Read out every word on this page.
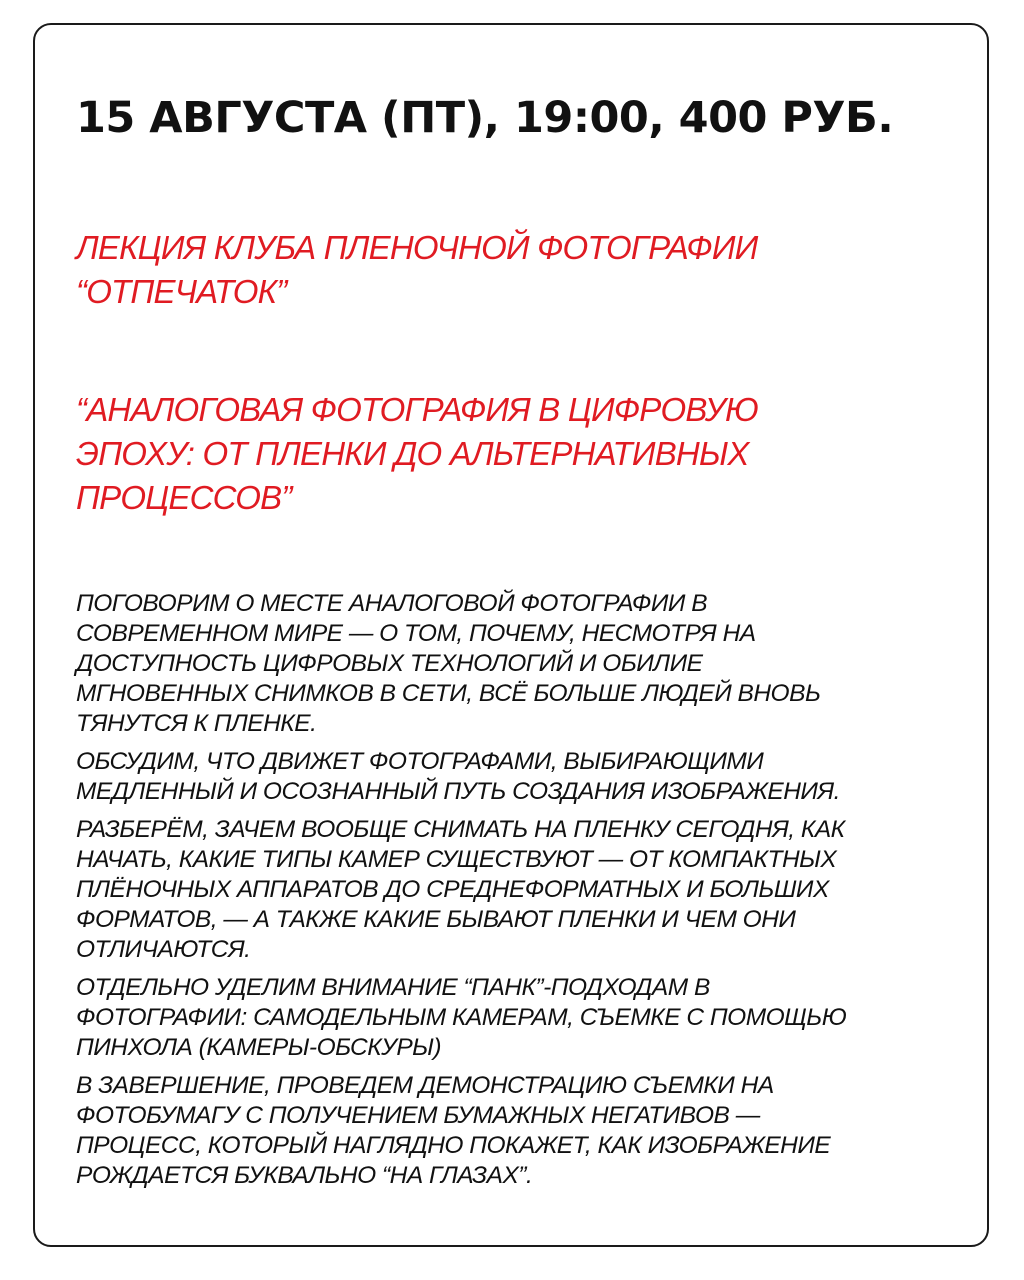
15 АВГУСТА (ПТ), 19:00, 400 РУБ.
ЛЕКЦИЯ КЛУБА ПЛЕНОЧНОЙ ФОТОГРАФИИ
“ОТПЕЧАТОК”
“АНАЛОГОВАЯ ФОТОГРАФИЯ В ЦИФРОВУЮ
ЭПОХУ: ОТ ПЛЕНКИ ДО АЛЬТЕРНАТИВНЫХ
ПРОЦЕССОВ”

ПОГОВОРИМ О МЕСТЕ АНАЛОГОВОЙ ФОТОГРАФИИ В
СОВРЕМЕННОМ МИРЕ — О ТОМ, ПОЧЕМУ, НЕСМОТРЯ НА
ДОСТУПНОСТЬ ЦИФРОВЫХ ТЕХНОЛОГИЙ И ОБИЛИЕ
МГНОВЕННЫХ СНИМКОВ В СЕТИ, ВСЁ БОЛЬШЕ ЛЮДЕЙ ВНОВЬ
ТЯНУТСЯ К ПЛЕНКЕ.

ОБСУДИМ, ЧТО ДВИЖЕТ ФОТОГРАФАМИ, ВЫБИРАЮЩИМИ
МЕДЛЕННЫЙ И ОСОЗНАННЫЙ ПУТЬ СОЗДАНИЯ ИЗОБРАЖЕНИЯ.

РАЗБЕРЁМ, ЗАЧЕМ ВООБЩЕ СНИМАТЬ НА ПЛЕНКУ СЕГОДНЯ, КАК
НАЧАТЬ, КАКИЕ ТИПЫ КАМЕР СУЩЕСТВУЮТ — ОТ КОМПАКТНЫХ
ПЛЁНОЧНЫХ АППАРАТОВ ДО СРЕДНЕФОРМАТНЫХ И БОЛЬШИХ
ФОРМАТОВ, — А ТАКЖЕ КАКИЕ БЫВАЮТ ПЛЕНКИ И ЧЕМ ОНИ
ОТЛИЧАЮТСЯ.

ОТДЕЛЬНО УДЕЛИМ ВНИМАНИЕ “ПАНК”-ПОДХОДАМ В
ФОТОГРАФИИ: САМОДЕЛЬНЫМ КАМЕРАМ, СЪЕМКЕ С ПОМОЩЬЮ
ПИНХОЛА (КАМЕРЫ-ОБСКУРЫ)

В ЗАВЕРШЕНИЕ, ПРОВЕДЕМ ДЕМОНСТРАЦИЮ СЪЕМКИ НА
ФОТОБУМАГУ С ПОЛУЧЕНИЕМ БУМАЖНЫХ НЕГАТИВОВ —
ПРОЦЕСС, КОТОРЫЙ НАГЛЯДНО ПОКАЖЕТ, КАК ИЗОБРАЖЕНИЕ
РОЖДАЕТСЯ БУКВАЛЬНО “НА ГЛАЗАХ”.
